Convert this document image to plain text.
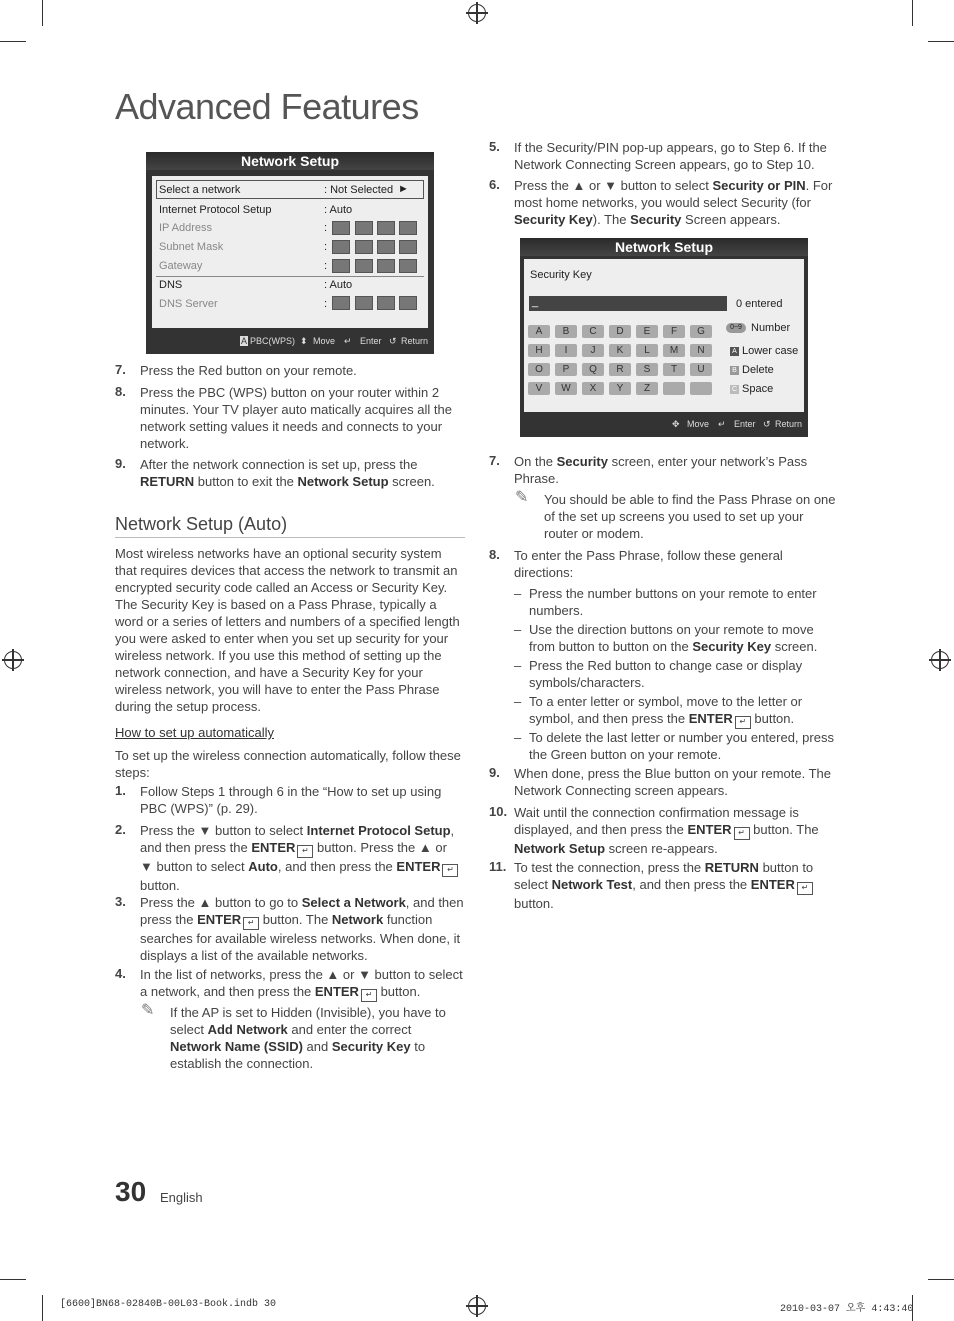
Advanced Features
Network Setup
Select a network	: Not Selected ►
Internet Protocol Setup	: Auto
IP Address	:
Subnet Mask	:
Gateway	:
DNS	: Auto
DNS Server	:
A PBC(WPS) ⬍ Move ↵ Enter ↺ Return
7. Press the Red button on your remote.
8. Press the PBC (WPS) button on your router within 2 minutes. Your TV player auto matically acquires all the network setting values it needs and connects to your network.
9. After the network connection is set up, press the RETURN button to exit the Network Setup screen.
Network Setup (Auto)
Most wireless networks have an optional security system that requires devices that access the network to transmit an encrypted security code called an Access or Security Key. The Security Key is based on a Pass Phrase, typically a word or a series of letters and numbers of a specified length you were asked to enter when you set up security for your wireless network. If you use this method of setting up the network connection, and have a Security Key for your wireless network, you will have to enter the Pass Phrase during the setup process.
How to set up automatically
To set up the wireless connection automatically, follow these steps:
1. Follow Steps 1 through 6 in the “How to set up using PBC (WPS)” (p. 29).
2. Press the ▼ button to select Internet Protocol Setup, and then press the ENTER ↵ button. Press the ▲ or ▼ button to select Auto, and then press the ENTER ↵ button.
3. Press the ▲ button to go to Select a Network, and then press the ENTER ↵ button. The Network function searches for available wireless networks. When done, it displays a list of the available networks.
4. In the list of networks, press the ▲ or ▼ button to select a network, and then press the ENTER ↵ button.
✎ If the AP is set to Hidden (Invisible), you have to select Add Network and enter the correct Network Name (SSID) and Security Key to establish the connection.
5. If the Security/PIN pop-up appears, go to Step 6. If the Network Connecting Screen appears, go to Step 10.
6. Press the ▲ or ▼ button to select Security or PIN. For most home networks, you would select Security (for Security Key). The Security Screen appears.
Network Setup
Security Key
_	0 entered
A	B	C	D	E	F	G
H	I	J	K	L	M	N
O	P	Q	R	S	T	U
V	W	X	Y	Z
0~9 Number
A Lower case
B Delete
C Space
✥ Move ↵ Enter ↺ Return
7. On the Security screen, enter your network’s Pass Phrase.
✎ You should be able to find the Pass Phrase on one of the set up screens you used to set up your router or modem.
8. To enter the Pass Phrase, follow these general directions:
– Press the number buttons on your remote to enter numbers.
– Use the direction buttons on your remote to move from button to button on the Security Key screen.
– Press the Red button to change case or display symbols/characters.
– To a enter letter or symbol, move to the letter or symbol, and then press the ENTER ↵ button.
– To delete the last letter or number you entered, press the Green button on your remote.
9. When done, press the Blue button on your remote. The Network Connecting screen appears.
10. Wait until the connection confirmation message is displayed, and then press the ENTER ↵ button. The Network Setup screen re-appears.
11. To test the connection, press the RETURN button to select Network Test, and then press the ENTER ↵ button.
30 English
[6600]BN68-02840B-00L03-Book.indb 30	2010-03-07 오후 4:43:40
